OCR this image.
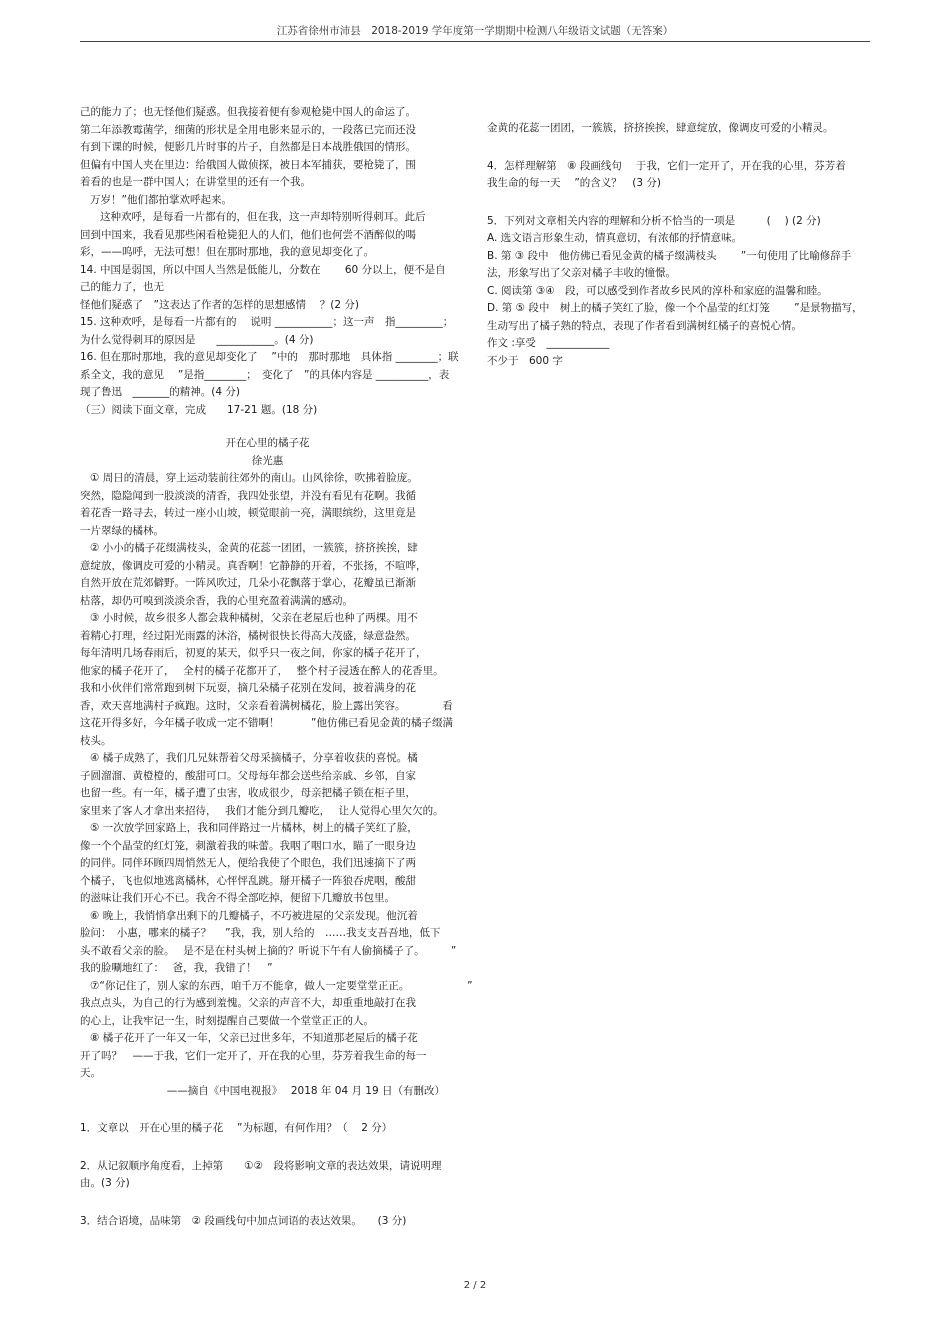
江苏省徐州市沛县　2018-2019 学年度第一学期期中检测八年级语文试题（无答案）
己的能力了；也无怪他们疑惑。但我接着便有参观枪毙中国人的命运了。
第二年添教霉菌学，细菌的形状是全用电影来显示的，一段落已完而还没
有到下课的时候，便影几片时事的片子，自然都是日本战胜俄国的情形。
但偏有中国人夹在里边：给俄国人做侦探，被日本军捕获，要枪毙了，围
着看的也是一群中国人；在讲堂里的还有一个我。
万岁！”他们都拍掌欢呼起来。
这种欢呼，是每看一片都有的，但在我，这一声却特别听得刺耳。此后
回到中国来，我看见那些闲看枪毙犯人的人们，他们也何尝不酒醉似的喝
彩，——呜呼，无法可想！但在那时那地，我的意见却变化了。
14. 中国是弱国，所以中国人当然是低能儿，分数在　　 60 分以上，便不是自
己的能力了，也无
怪他们疑惑了　”这表达了作者的怎样的思想感情　 ？(2 分)
15. 这种欢呼，是每看一片都有的　 说明 ___________；这一声　指_________；
为什么觉得刺耳的原因是　　___________。(4 分)
16. 但在那时那地，我的意见却变化了　 ”中的　那时那地　具体指 ________；联
系全文，我的意见　 ”是指________；　变化了　”的具体内容是 __________，表
现了鲁迅　_______的精神。(4 分)
（三）阅读下面文章，完成　　17-21 题。(18 分)
开在心里的橘子花
徐光惠
① 周日的清晨，穿上运动装前往郊外的南山。山风徐徐，吹拂着脸庞。
突然，隐隐闻到一股淡淡的清香，我四处张望，并没有看见有花啊。我循
着花香一路寻去，转过一座小山坡，顿觉眼前一亮，满眼缤纷，这里竟是
一片翠绿的橘林。
② 小小的橘子花缀满枝头，金黄的花蕊一团团，一簇簇，挤挤挨挨，肆
意绽放，像调皮可爱的小精灵。真香啊！它静静的开着，不张扬，不喧哗，
自然开放在荒郊僻野。一阵风吹过，几朵小花飘落于掌心，花瓣虽已渐渐
枯落，却仍可嗅到淡淡余香，我的心里充盈着满满的感动。
③ 小时候，故乡很多人都会栽种橘树，父亲在老屋后也种了两棵。用不
着精心打理，经过阳光雨露的沐浴，橘树很快长得高大茂盛，绿意盎然。
每年清明几场春雨后，初夏的某天，似乎只一夜之间，你家的橘子花开了，
他家的橘子花开了，　 全村的橘子花都开了，　 整个村子浸透在醉人的花香里。
我和小伙伴们常常跑到树下玩耍，摘几朵橘子花别在发间，披着满身的花
香，欢天喜地满村子疯跑。这时，父亲看着满树橘花，脸上露出笑容。　　　　看
这花开得多好，今年橘子收成一定不错啊！　　　”他仿佛已看见金黄的橘子缀满
枝头。
④ 橘子成熟了，我们几兄妹帮着父母采摘橘子，分享着收获的喜悦。橘
子圆溜溜、黄橙橙的，酸甜可口。父母每年都会送些给亲戚、乡邻，自家
也留一些。有一年，橘子遭了虫害，收成很少，母亲把橘子锁在柜子里，
家里来了客人才拿出来招待，　 我们才能分到几瓣吃，　 让人觉得心里欠欠的。
⑤ 一次放学回家路上，我和同伴路过一片橘林，树上的橘子笑红了脸，
像一个个晶莹的红灯笼，刺激着我的味蕾。我咽了咽口水，瞄了一眼身边
的同伴。同伴环顾四周悄然无人，便给我使了个眼色，我们迅速摘下了两
个橘子，飞也似地逃离橘林，心怦怦乱跳。掰开橘子一阵狼吞虎咽，酸甜
的滋味让我们开心不已。我舍不得全部吃掉，便留下几瓣放书包里。
⑥ 晚上，我悄悄拿出剩下的几瓣橘子，不巧被进屋的父亲发现。他沉着
脸问：　小惠，哪来的橘子？　 ”我，我，别人给的　……我支支吾吾地，低下
头不敢看父亲的脸。　 是不是在村头树上摘的？听说下午有人偷摘橘子了。　　　”
我的脸唰地红了：　 爸，我，我错了！　”
⑦“你记住了，别人家的东西，咱千万不能拿，做人一定要堂堂正正。　　　　　　”
我点点头，为自己的行为感到羞愧。父亲的声音不大，却重重地敲打在我
的心上，让我牢记一生，时刻提醒自己要做一个堂堂正正的人。
⑧ 橘子花开了一年又一年，父亲已过世多年，不知道那老屋后的橘子花
开了吗？　——于我，它们一定开了，开在我的心里，芬芳着我生命的每一
天。
——摘自《中国电视报》　 2018 年 04 月 19 日（有删改）
1．文章以　开在心里的橘子花　 ”为标题，有何作用？（　 2 分）
2．从记叙顺序角度看，上掉第　　①②　段将影响文章的表达效果，请说明理
由。(3 分)
3．结合语境，品味第　② 段画线句中加点词语的表达效果。　　(3 分)
金黄的花蕊一团团，一簇簇，挤挤挨挨，肆意绽放，像调皮可爱的小精灵。
4．怎样理解第　⑧ 段画线句　 于我，它们一定开了，开在我的心里，芬芳着
我生命的每一天　 ”的含义？　(3 分)
5．下列对文章相关内容的理解和分析不恰当的一项是　　　(　 ) (2 分)
A. 选文语言形象生动，情真意切，有浓郁的抒情意味。
B. 第 ③ 段中　他仿佛已看见金黄的橘子缀满枝头　　 ”一句使用了比喻修辞手
法，形象写出了父亲对橘子丰收的憧憬。
C. 阅读第 ③④　段，可以感受到作者故乡民风的淳朴和家庭的温馨和睦。
D. 第 ⑤ 段中　树上的橘子笑红了脸，像一个个晶莹的红灯笼　　 ”是景物描写，
生动写出了橘子熟的特点，表现了作者看到满树红橘子的喜悦心情。
作文 :享受　____________
不少于　600 字
2 / 2
